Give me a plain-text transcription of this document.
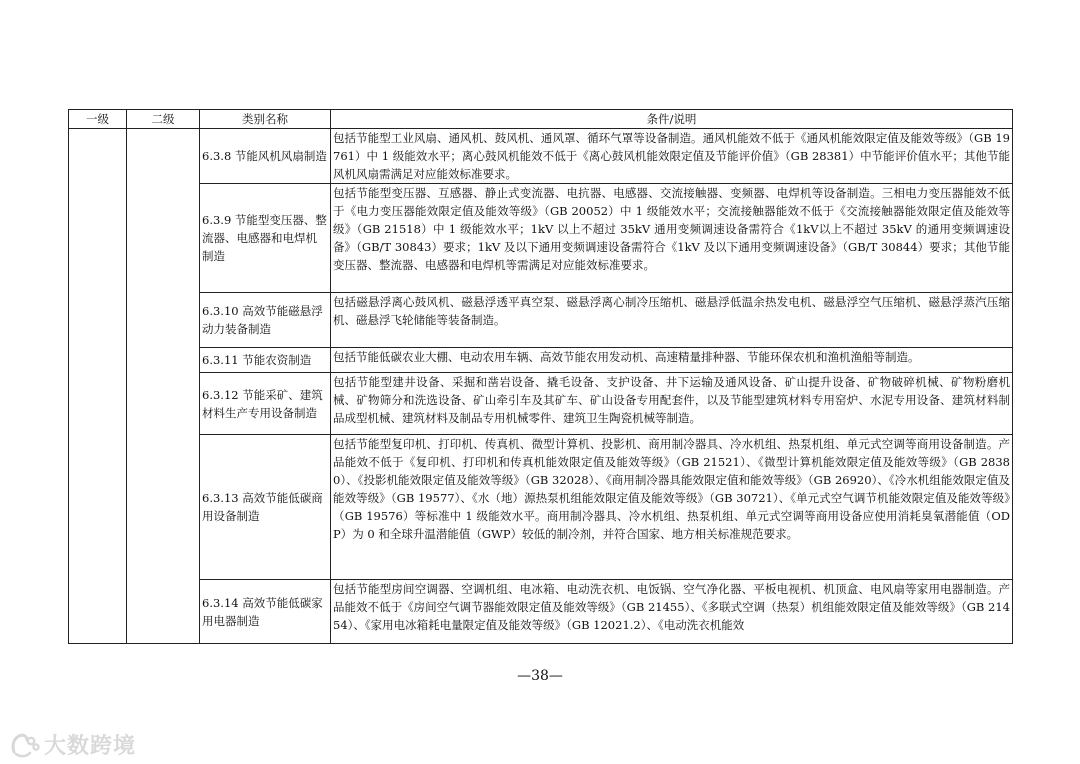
一级	二级	类别名称	条件/说明
		6.3.8 节能风机风扇制造	包括节能型工业风扇、通风机、鼓风机、通风罩、循环气罩等设备制造。通风机能效不低于《通风机能效限定值及能效等级》（GB 19761）中 1 级能效水平；离心鼓风机能效不低于《离心鼓风机能效限定值及节能评价值》（GB 28381）中节能评价值水平；其他节能风机风扇需满足对应能效标准要求。
		6.3.9 节能型变压器、整流器、电感器和电焊机制造	包括节能型变压器、互感器、静止式变流器、电抗器、电感器、交流接触器、变频器、电焊机等设备制造。三相电力变压器能效不低于《电力变压器能效限定值及能效等级》（GB 20052）中 1 级能效水平；交流接触器能效不低于《交流接触器能效限定值及能效等级》（GB 21518）中 1 级能效水平；1kV 以上不超过 35kV 通用变频调速设备需符合《1kV以上不超过 35kV 的通用变频调速设备》（GB/T 30843）要求；1kV 及以下通用变频调速设备需符合《1kV 及以下通用变频调速设备》（GB/T 30844）要求；其他节能变压器、整流器、电感器和电焊机等需满足对应能效标准要求。
		6.3.10 高效节能磁悬浮动力装备制造	包括磁悬浮离心鼓风机、磁悬浮透平真空泵、磁悬浮离心制冷压缩机、磁悬浮低温余热发电机、磁悬浮空气压缩机、磁悬浮蒸汽压缩机、磁悬浮飞轮储能等装备制造。
		6.3.11 节能农资制造	包括节能低碳农业大棚、电动农用车辆、高效节能农用发动机、高速精量排种器、节能环保农机和渔机渔船等制造。
		6.3.12 节能采矿、建筑材料生产专用设备制造	包括节能型建井设备、采掘和凿岩设备、撬毛设备、支护设备、井下运输及通风设备、矿山提升设备、矿物破碎机械、矿物粉磨机械、矿物筛分和洗选设备、矿山牵引车及其矿车、矿山设备专用配套件，以及节能型建筑材料专用窑炉、水泥专用设备、建筑材料制品成型机械、建筑材料及制品专用机械零件、建筑卫生陶瓷机械等制造。
		6.3.13 高效节能低碳商用设备制造	包括节能型复印机、打印机、传真机、微型计算机、投影机、商用制冷器具、冷水机组、热泵机组、单元式空调等商用设备制造。产品能效不低于《复印机、打印机和传真机能效限定值及能效等级》（GB 21521）、《微型计算机能效限定值及能效等级》（GB 28380）、《投影机能效限定值及能效等级》（GB 32028）、《商用制冷器具能效限定值和能效等级》（GB 26920）、《冷水机组能效限定值及能效等级》（GB 19577）、《水（地）源热泵机组能效限定值及能效等级》（GB 30721）、《单元式空气调节机能效限定值及能效等级》（GB 19576）等标准中 1 级能效水平。商用制冷器具、冷水机组、热泵机组、单元式空调等商用设备应使用消耗臭氧潜能值（ODP）为 0 和全球升温潜能值（GWP）较低的制冷剂，并符合国家、地方相关标准规范要求。
		6.3.14 高效节能低碳家用电器制造	包括节能型房间空调器、空调机组、电冰箱、电动洗衣机、电饭锅、空气净化器、平板电视机、机顶盒、电风扇等家用电器制造。产品能效不低于《房间空气调节器能效限定值及能效等级》（GB 21455）、《多联式空调（热泵）机组能效限定值及能效等级》（GB 21454）、《家用电冰箱耗电量限定值及能效等级》（GB 12021.2）、《电动洗衣机能效
—38—
大数跨境
